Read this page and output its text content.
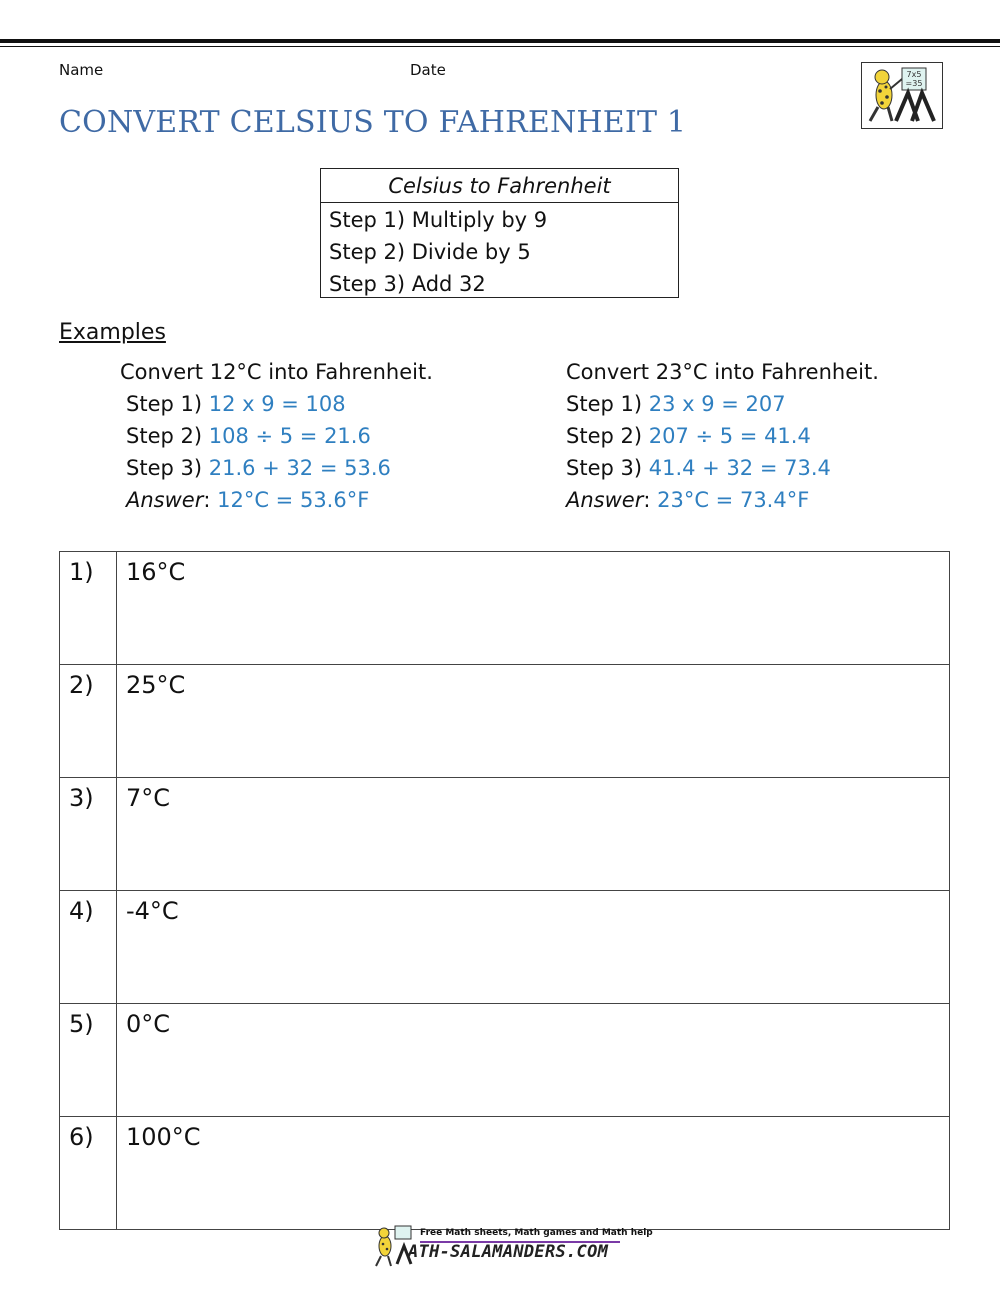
Name	Date
CONVERT CELSIUS TO FAHRENHEIT 1
7x5
=35
Celsius to Fahrenheit
Step 1) Multiply by 9
Step 2) Divide by 5
Step 3) Add 32
Examples
Convert 12°C into Fahrenheit.
Step 1) 12 x 9 = 108
Step 2) 108 ÷ 5 = 21.6
Step 3) 21.6 + 32 = 53.6
Answer: 12°C = 53.6°F
Convert 23°C into Fahrenheit.
Step 1) 23 x 9 = 207
Step 2) 207 ÷ 5 = 41.4
Step 3) 41.4 + 32 = 73.4
Answer: 23°C = 73.4°F
1)	16°C
2)	25°C
3)	7°C
4)	-4°C
5)	0°C
6)	100°C
Free Math sheets, Math games and Math help
ATH-SALAMANDERS.COM
